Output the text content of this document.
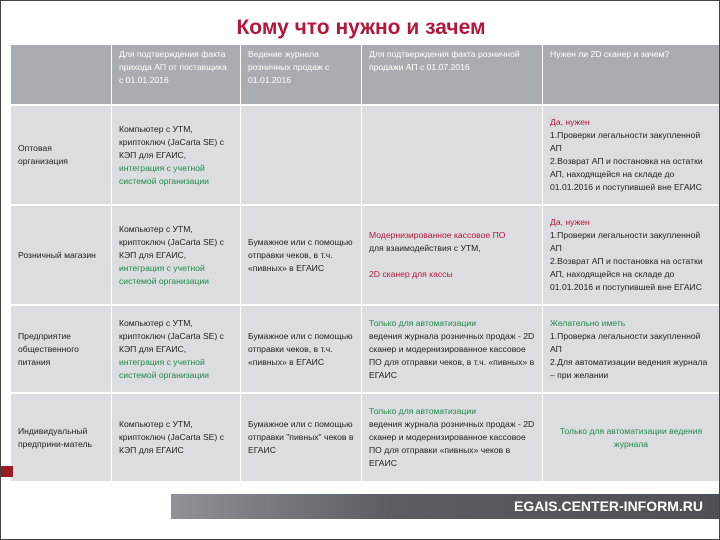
Кому что нужно и зачем
Для подтверждения факта прихода АП от поставщика с 01.01.2016
Ведение журнала розничных продаж с 01.01.2016
Для подтверждения факта розничной продажи АП с 01.07.2016
Нужен ли 2D сканер и зачем?
Оптовая организация
Компьютер с УТМ, криптоключ (JaCarta SE) с КЭП для ЕГАИС,
интеграция с учетной системой организации
Да, нужен
1.Проверки легальности закупленной АП
2.Возврат АП и постановка на остатки АП, находящейся на складе до 01.01.2016 и поступившей вне ЕГАИС
Розничный магазин
Компьютер с УТМ, криптоключ (JaCarta SE) с КЭП для ЕГАИС,
интеграция с учетной системой организации
Бумажное или с помощью отправки чеков, в т.ч. «пивных» в ЕГАИС
Модернизированное кассовое ПО
для взаимодействия с УТМ,
2D сканер для кассы
Да, нужен
1.Проверки легальности закупленной АП
2.Возврат АП и постановка на остатки АП, находящейся на складе до 01.01.2016 и поступившей вне ЕГАИС
Предприятие общественного питания
Компьютер с УТМ, криптоключ (JaCarta SE) с КЭП для ЕГАИС,
интеграция с учетной системой организации
Бумажное или с помощью отправки чеков, в т.ч. «пивных» в ЕГАИС
Только для автоматизации
ведения журнала розничных продаж - 2D сканер и модернизированное кассовое ПО для отправки чеков, в т.ч. «пивных» в ЕГАИС
Желательно иметь
1.Проверка легальности закупленной АП
2.Для автоматизации ведения журнала – при желании
Индивидуальный предприни-матель
Компьютер с УТМ, криптоключ (JaCarta SE) с КЭП для ЕГАИС
Бумажное или с помощью отправки "пивных" чеков в ЕГАИС
Только для автоматизации
ведения журнала розничных продаж - 2D сканер и модернизированное кассовое ПО для отправки «пивных» чеков в ЕГАИС
Только для автоматизации ведения журнала
EGAIS.CENTER-INFORM.RU
